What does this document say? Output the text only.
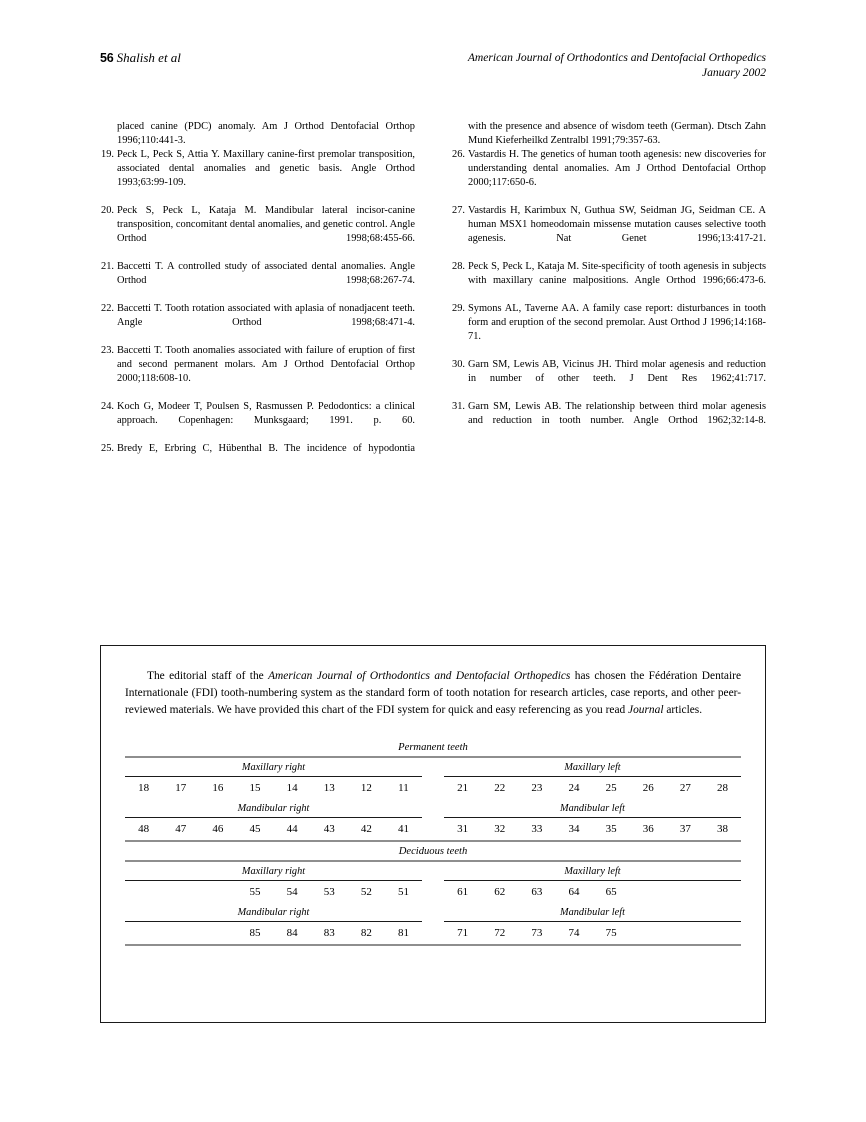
56 Shalish et al	American Journal of Orthodontics and Dentofacial Orthopedics
January 2002

placed canine (PDC) anomaly. Am J Orthod Dentofacial Orthop 1996;110:441-3.

19. Peck L, Peck S, Attia Y. Maxillary canine-first premolar transposition, associated dental anomalies and genetic basis. Angle Orthod 1993;63:99-109.

20. Peck S, Peck L, Kataja M. Mandibular lateral incisor-canine transposition, concomitant dental anomalies, and genetic control. Angle Orthod 1998;68:455-66.

21. Baccetti T. A controlled study of associated dental anomalies. Angle Orthod 1998;68:267-74.

22. Baccetti T. Tooth rotation associated with aplasia of nonadjacent teeth. Angle Orthod 1998;68:471-4.

23. Baccetti T. Tooth anomalies associated with failure of eruption of first and second permanent molars. Am J Orthod Dentofacial Orthop 2000;118:608-10.

24. Koch G, Modeer T, Poulsen S, Rasmussen P. Pedodontics: a clinical approach. Copenhagen: Munksgaard; 1991. p. 60.

25. Bredy E, Erbring C, Hübenthal B. The incidence of hypodontia

with the presence and absence of wisdom teeth (German). Dtsch Zahn Mund Kieferheilkd Zentralbl 1991;79:357-63.

26. Vastardis H. The genetics of human tooth agenesis: new discoveries for understanding dental anomalies. Am J Orthod Dentofacial Orthop 2000;117:650-6.

27. Vastardis H, Karimbux N, Guthua SW, Seidman JG, Seidman CE. A human MSX1 homeodomain missense mutation causes selective tooth agenesis. Nat Genet 1996;13:417-21.

28. Peck S, Peck L, Kataja M. Site-specificity of tooth agenesis in subjects with maxillary canine malpositions. Angle Orthod 1996;66:473-6.

29. Symons AL, Taverne AA. A family case report: disturbances in tooth form and eruption of the second premolar. Aust Orthod J 1996;14:168-71.

30. Garn SM, Lewis AB, Vicinus JH. Third molar agenesis and reduction in number of other teeth. J Dent Res 1962;41:717.

31. Garn SM, Lewis AB. The relationship between third molar agenesis and reduction in tooth number. Angle Orthod 1962;32:14-8.

The editorial staff of the American Journal of Orthodontics and Dentofacial Orthopedics has chosen the Fédération Dentaire Internationale (FDI) tooth-numbering system as the standard form of tooth notation for research articles, case reports, and other peer-reviewed materials. We have provided this chart of the FDI system for quick and easy referencing as you read Journal articles.

Permanent teeth
Maxillary right	Maxillary left
18	17	16	15	14	13	12	11	21	22	23	24	25	26	27	28
Mandibular right	Mandibular left
48	47	46	45	44	43	42	41	31	32	33	34	35	36	37	38
Deciduous teeth
Maxillary right	Maxillary left

55	54	53	52	51	61	62	63	64	65

Mandibular right	Mandibular left

85	84	83	82	81	71	72	73	74	75
